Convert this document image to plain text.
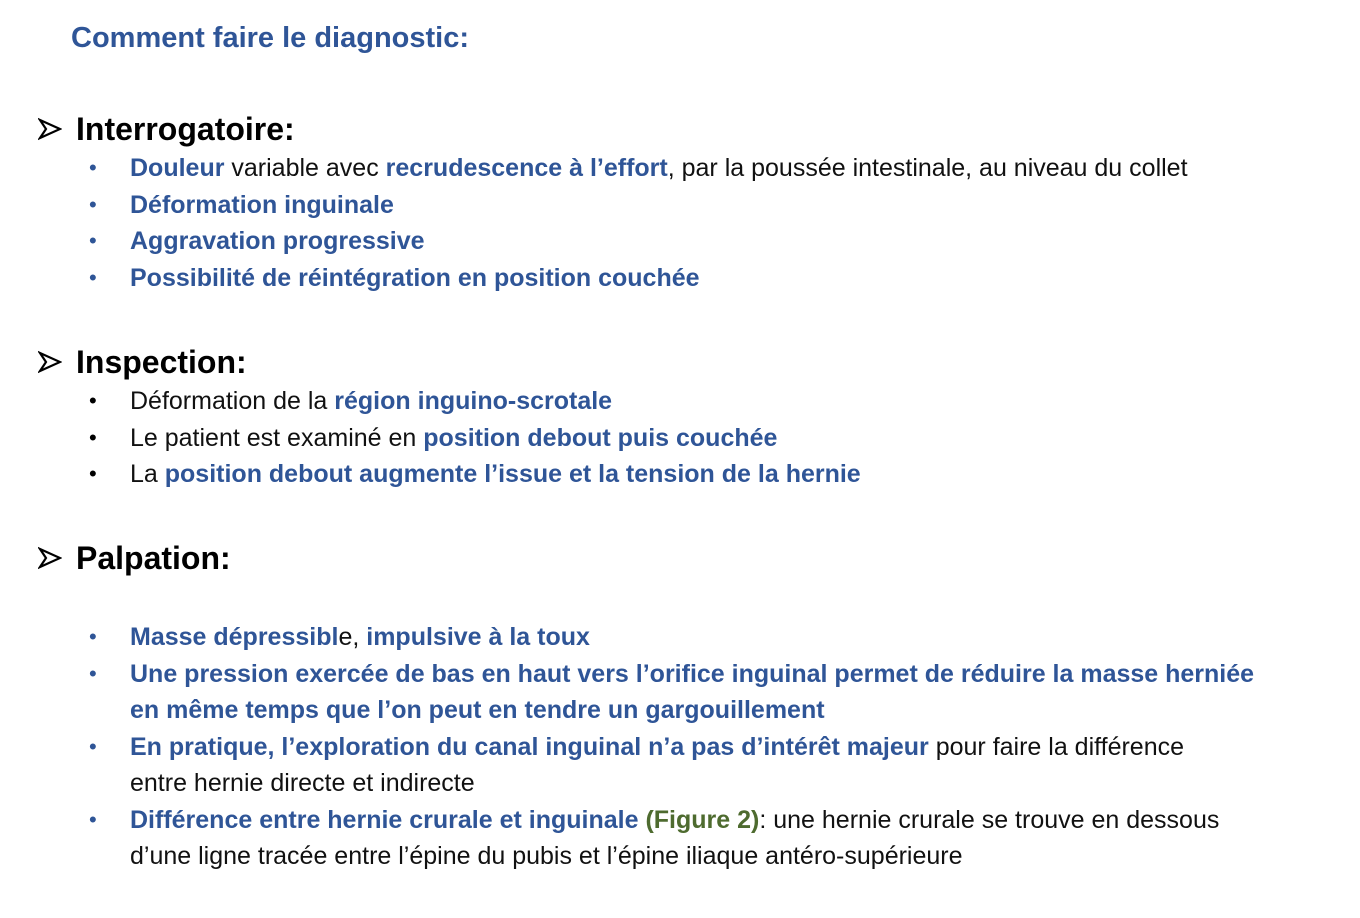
Comment faire le diagnostic:
Interrogatoire:
• Douleur variable avec recrudescence à l’effort, par la poussée intestinale, au niveau du collet
• Déformation inguinale
• Aggravation progressive
• Possibilité de réintégration en position couchée
Inspection:
• Déformation de la région inguino-scrotale
• Le patient est examiné en position debout puis couchée
• La position debout augmente l’issue et la tension de la hernie
Palpation:
• Masse dépressible, impulsive à la toux
• Une pression exercée de bas en haut vers l’orifice inguinal permet de réduire la masse herniée
en même temps que l’on peut en tendre un gargouillement
• En pratique, l’exploration du canal inguinal n’a pas d’intérêt majeur pour faire la différence
entre hernie directe et indirecte
• Différence entre hernie crurale et inguinale (Figure 2): une hernie crurale se trouve en dessous
d’une ligne tracée entre l’épine du pubis et l’épine iliaque antéro-supérieure
